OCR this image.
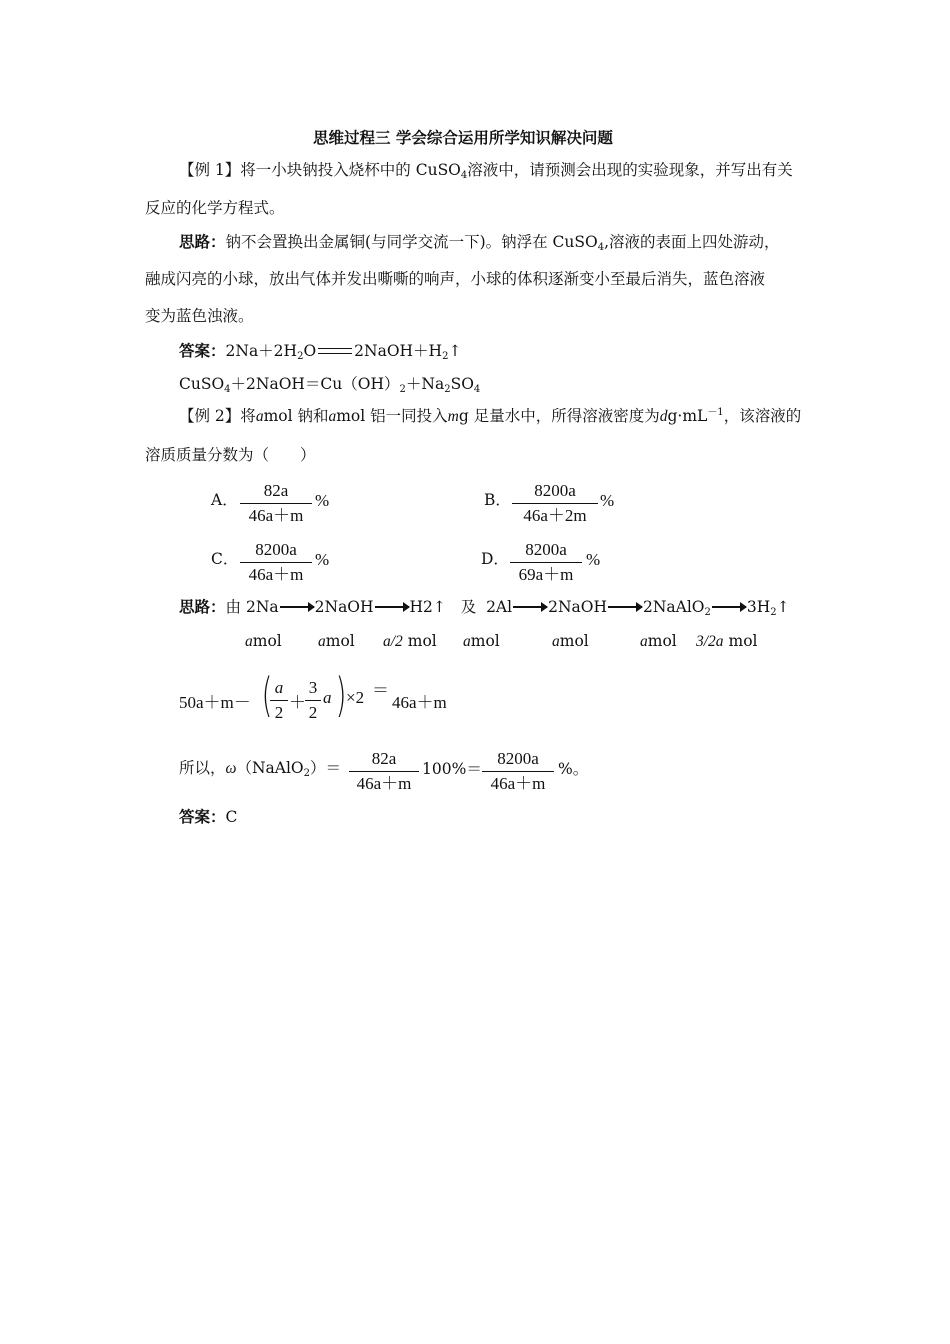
思维过程三 学会综合运用所学知识解决问题
【例 1】将一小块钠投入烧杯中的 CuSO$_4$溶液中，请预测会出现的实验现象，并写出有关
反应的化学方程式。
思路：钠不会置换出金属铜(与同学交流一下)。钠浮在 CuSO$_4$,溶液的表面上四处游动，
融成闪亮的小球，放出气体并发出嘶嘶的响声，小球的体积逐渐变小至最后消失，蓝色溶液
变为蓝色浊液。
答案：$2Na+2H_2O$ $2NaOH+H_2↑$
$CuSO_4+2NaOH=Cu(OH)_2+Na_2SO_4$
【例 2】将amol 钠和amol 铝一同投入mg 足量水中，所得溶液密度为$dg\cdot mL^{-1}$，该溶液的
溶质质量分数为（　　）
A．	82a
46a＋m
%	B．	8200a
46a＋2m
%
C． 8200a
46a＋m
%	D． 8200a
69a＋m
%
思路：由 2Na→2NaOH→H2↑ 及 $2Al\to 2NaOH\to 2NaAlO_2\to 3H_2↑$
amol amol a/2 mol amol	amol	amol 3/2a mol
50a＋m－ ( a
2
＋
3
2
a ) ×2 ＝
46a＋m
所以，ω（NaAlO$_2$）＝	82a
46a＋m
100%＝
8200a
46a＋m
%。
答案：C
